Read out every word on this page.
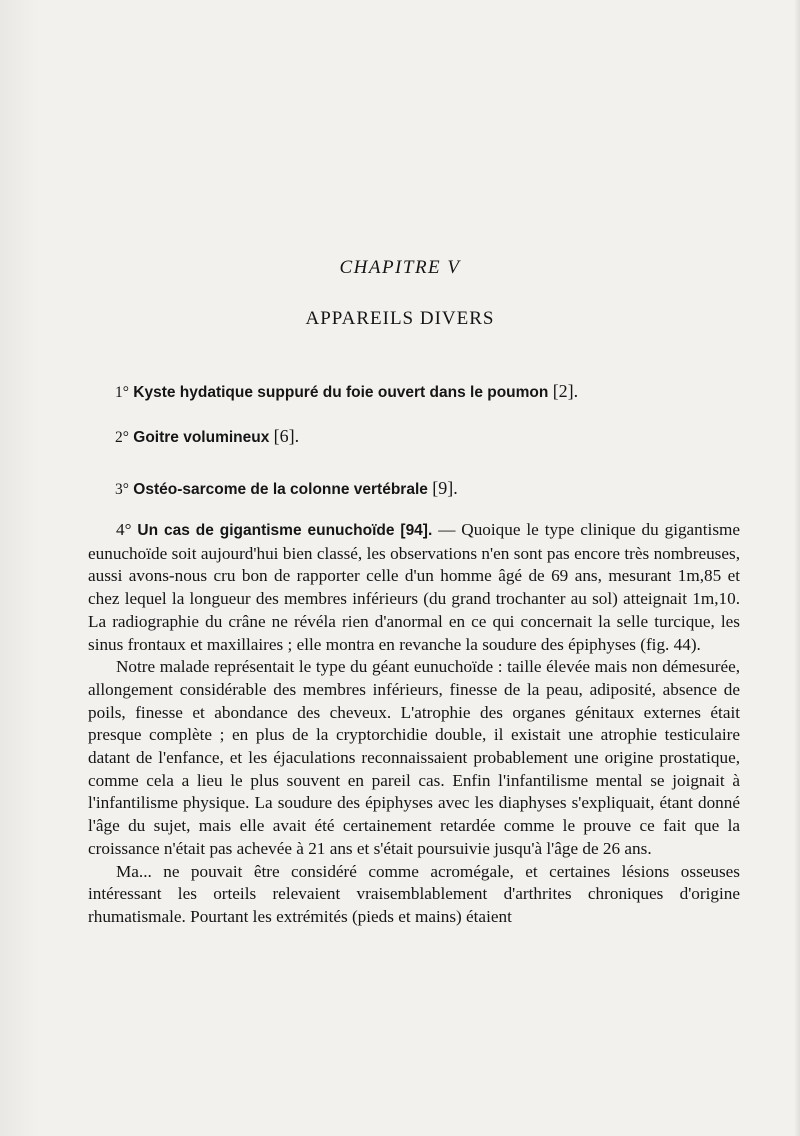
CHAPITRE V
APPAREILS DIVERS
1° Kyste hydatique suppuré du foie ouvert dans le poumon [2].
2° Goitre volumineux [6].
3° Ostéo-sarcome de la colonne vertébrale [9].

4° Un cas de gigantisme eunuchoïde [94]. — Quoique le type clinique du gigantisme eunuchoïde soit aujourd'hui bien classé, les observations n'en sont pas encore très nombreuses, aussi avons-nous cru bon de rapporter celle d'un homme âgé de 69 ans, mesurant 1m,85 et chez lequel la longueur des membres inférieurs (du grand trochanter au sol) atteignait 1m,10. La radiographie du crâne ne révéla rien d'anormal en ce qui concernait la selle turcique, les sinus frontaux et maxillaires ; elle montra en revanche la soudure des épiphyses (fig. 44).

Notre malade représentait le type du géant eunuchoïde : taille élevée mais non démesurée, allongement considérable des membres inférieurs, finesse de la peau, adiposité, absence de poils, finesse et abondance des cheveux. L'atrophie des organes génitaux externes était presque complète ; en plus de la cryptorchidie double, il existait une atrophie testiculaire datant de l'enfance, et les éjaculations reconnaissaient probablement une origine prostatique, comme cela a lieu le plus souvent en pareil cas. Enfin l'infantilisme mental se joignait à l'infantilisme physique. La soudure des épiphyses avec les diaphyses s'expliquait, étant donné l'âge du sujet, mais elle avait été certainement retardée comme le prouve ce fait que la croissance n'était pas achevée à 21 ans et s'était poursuivie jusqu'à l'âge de 26 ans.

Ma... ne pouvait être considéré comme acromégale, et certaines lésions osseuses intéressant les orteils relevaient vraisemblablement d'arthrites chroniques d'origine rhumatismale. Pourtant les extrémités (pieds et mains) étaient
